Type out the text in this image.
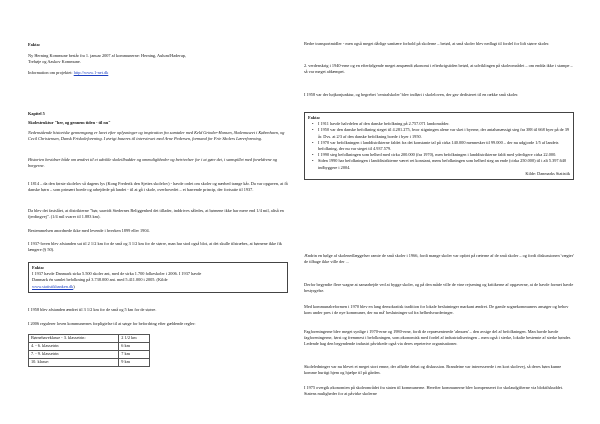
Fakta:

Ny Herning Kommune består fra 1. januar 2007 af kommunerne: Herning, Aulum/Haderup,

Trehøje og Aaskov Kommune.

Information om projektet: http://www.1-net.dk

Kapitel 5

Skolestruktur "her, og gennem tiden - til nu"

Nedenstående historiske gennemgang er lavet efter oplysninger og inspiration fra samtaler med Keld Grinder-Hansen, Skolemuseet i København, og Cecil Christensen, Dansk Friskoleforening. I øvrigt baseres til interviewet med Arne Pedersen, formand for Frie Skolers Lærerforening.

Historien bevidner både om ændret til et udvikle skoleilbudder og ommulighheder og betrivelser for i at gøre det, i samspillet med forældrenе og borgerne.

I 1814 – da den første skolelov så dagens lys (Kong Frederik den Sjettes skolelov) - havde ordet om skoler og nærhed trange kår. Da var opgaven, at få danske børn – som primært boede og arbejdede på landet - til at gå i skole, overhovedet – et barrende princip, der fortsatte til 1937.

Da blev det fastslået, at distrikterne "bør, saavidt Stedernes Beliggenhed det tillader, inddrives således, at børnene ikke har mere end 1/4 mil, altså en fjerdingvej". (1/4 mil svarer til 1.883 km).

Bestemmelsen anordnede ikke med levende i hverken 1899 eller 1904.

I 1937-loven blev afstanden sat til 2 1/2 km for de små og 3 1/2 km for de større, man har stod også blot, at det skulle tilstræbes, at børnene ikke fik længere (§ 50).

Fakta:

I 1937 havde Danmark sirka 5.500 skoler ant, med de sirka 1.700 folkeskoler i 2006. I 1937 havde

Danmark én samlet befolkning på 3.738.000 ant. med 5.411.000 i 2005. (Kilde

www.statistikbanken.dk)

I 1958 blev afstanden ændret til 3 1/2 km for de små og 5 km for de større.

I 2006 regulerer loven kommunernes forpligtelse til at sørge for befordring efter gældende regler:

Børnehaveklasse - 3. klassetrin:	2 1/2 km
4. - 6. klassetrin	6 km
7. - 9. klassetrin	7 km
10. klasse:	9 km

Bedre transportmidler - men også meget dårlige sanitære forhold på skolerne – betød, at små skoler blev nedlagt til fordel for lidt større skoler.

2. verdenskrig i 1940-erne og en efterfølgende meget anspændt økonomi i efterkrigstiden betød, at udviklingen på skoleområdet – om endda ikke i stampe – så var meget afdæmpet.

I 1958 var der højkonjunktur, og begrebet 'centralskoler' blev indført i skoleloven, der gav dedisteret til en række små skoler.

Fakta:

• I 1911 havde halvdelen af den danske befolkning på 2.757.071 landområder.
• I 1950 var den danske befolkning steget til 4.281.275, hvor stigningen alene var sket i byerne, der antalsmæssigt steg fra 388 til 668 byer på de 39 år. Dvs. at 2/3 af den danske befolkning boede i byer i 1950.
• I 1970 var befolkningen i landdistrikterne faldet fra det konstante tal på cirka 140.000 mennesker til 99.000 – der nu udgjorde 1/5 af landets befolkning, der nu var steget til 4.937.579.
• I 1990 steg befolkningen som helhed med cirka 200.000 (fra 1970), men befolkningen i landdistrikterne faldt med yderligere cirka 22.000.
• Siden 1990 har befolkningen i landdistrikterne været ret konstant, mens befolkningen som helhed steg an ende (cirka 250.000) til i alt 5.397.640 indbyggere i 2004.

Kilde: Danmarks Statistik

Ændrin en bølge af skolenedlæggelser ramte de små skoler i 1966, fordi mange skoler var opført på ræterne af de små skoler – og fordi diskussionen 'vægter' de tilbage ikke ville der ...

Derfor begyndte flere wagne at samarbejde ved at bygge skoler, og på den måde ville de vine rejsening og kritikerne af opgaverne, at de havde formet havde bestyrgelse.

Med kommunalreformen i 1970 blev en lang demokratisk tradition for lokale beslutninger markant ændret. De gamle sognekommuners ansøger og behov kom under pres i de nye kommuner, der nu må' beslutninger ud fra helhedsvurderinger.

Fagforeningerne blev meget synlige i 1970-erne og 1980-erne, fordi de repræsenterede 'almuen' – den avsige del af befolkningen. Man havde havde fagforeningerne, først og fremmest i befolkningen, som økonomisk med fordel af industrialiseringen – men også i sterke, lokalte bestemte af sterke bønder. Ledende hag den begyndende industri påvirkede også via deres repeterive organisationer.

Skoleledninger var nu blevet et meget stort emne, der affødte debat og diskussion. Brandeine var interesserede i en kort skolevej, så deres børn kunne komme hurtigt hjem og hjælpe til på gården.

I 1975 overgik økonomien på skoleområdet fra staten til kommunerne. Herefter kommunerne blev kompenseret for skolaudgifterne via bloktilskuddet. Statens muligheder for at påvirke skolerne
